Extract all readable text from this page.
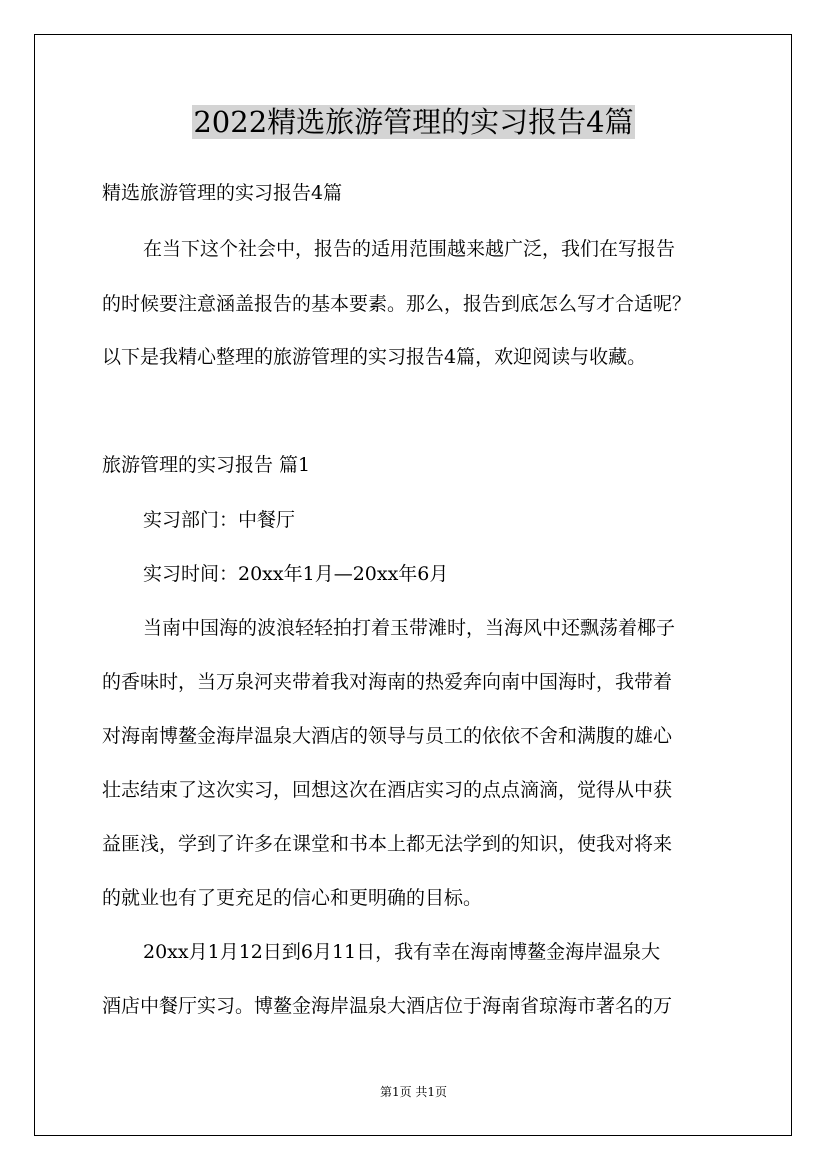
2022精选旅游管理的实习报告4篇
精选旅游管理的实习报告4篇
在当下这个社会中，报告的适用范围越来越广泛，我们在写报告
的时候要注意涵盖报告的基本要素。那么，报告到底怎么写才合适呢？
以下是我精心整理的旅游管理的实习报告4篇，欢迎阅读与收藏。
旅游管理的实习报告 篇1
实习部门：中餐厅
实习时间：20xx年1月—20xx年6月
当南中国海的波浪轻轻拍打着玉带滩时，当海风中还飘荡着椰子
的香味时，当万泉河夹带着我对海南的热爱奔向南中国海时，我带着
对海南博鳌金海岸温泉大酒店的领导与员工的依依不舍和满腹的雄心
壮志结束了这次实习，回想这次在酒店实习的点点滴滴，觉得从中获
益匪浅，学到了许多在课堂和书本上都无法学到的知识，使我对将来
的就业也有了更充足的信心和更明确的目标。
20xx月1月12日到6月11日，我有幸在海南博鳌金海岸温泉大
酒店中餐厅实习。博鳌金海岸温泉大酒店位于海南省琼海市著名的万
第1页 共1页
